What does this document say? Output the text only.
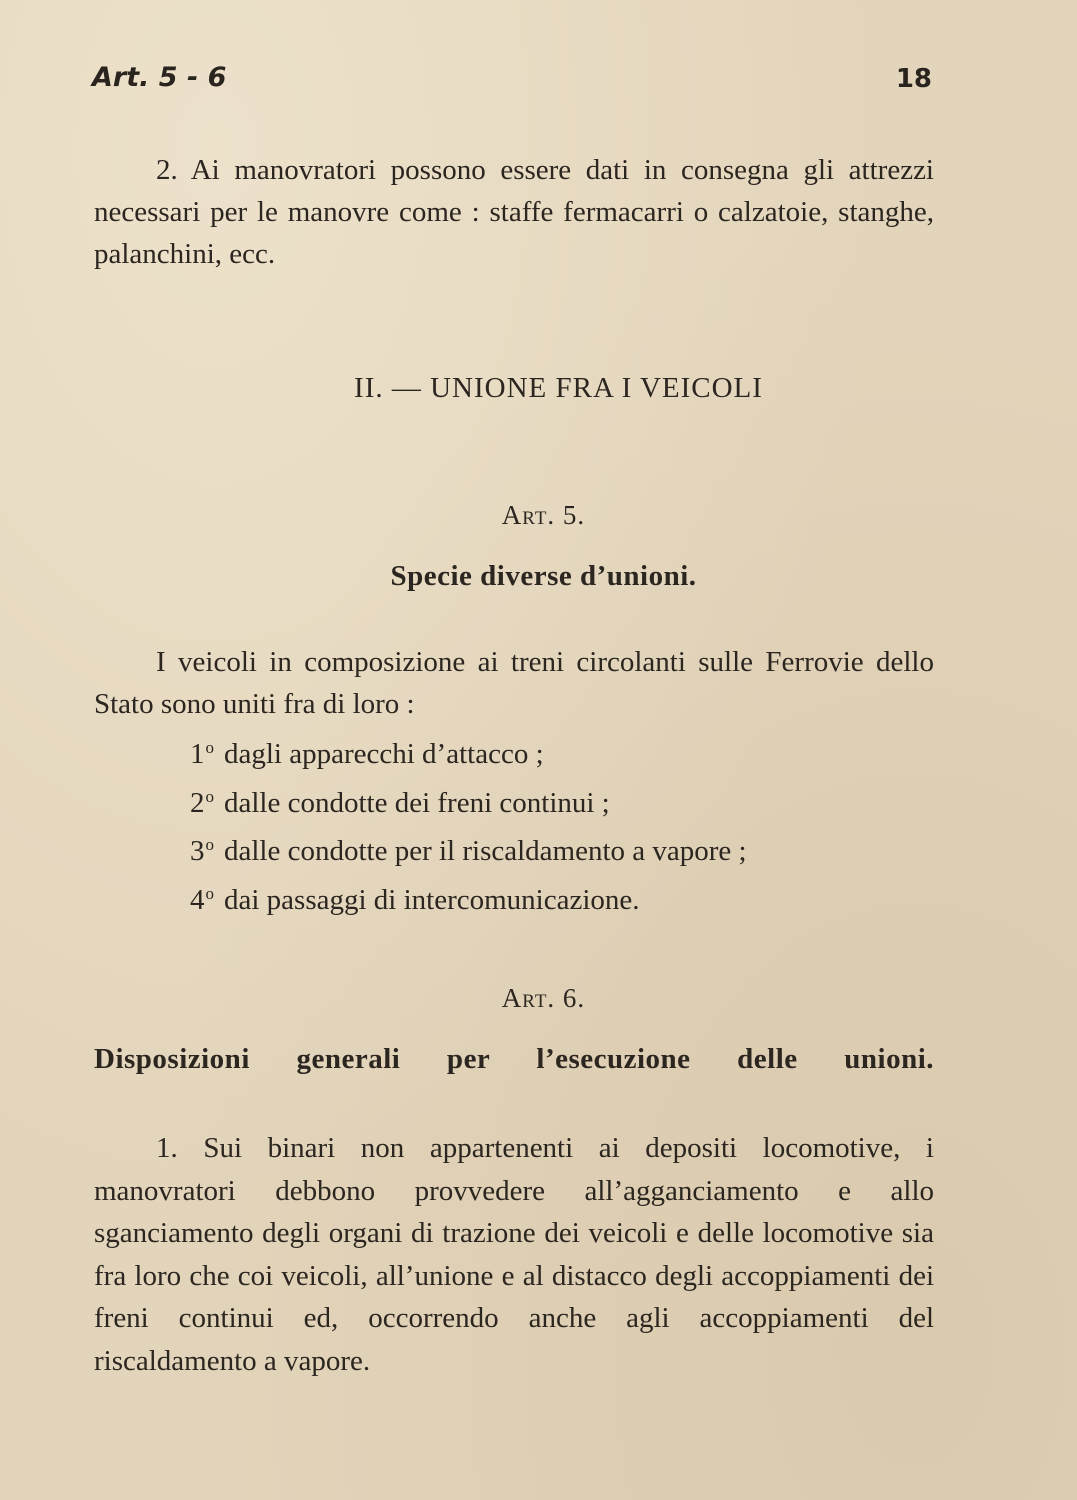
Art. 5 - 6	18

2. Ai manovratori possono essere dati in consegna gli attrezzi necessari per le manovre come : staffe fermacarri o calzatoie, stanghe, palanchini, ecc.

II. — UNIONE FRA I VEICOLI
Art. 5.
Specie diverse d’unioni.

I veicoli in composizione ai treni circolanti sulle Ferrovie dello Stato sono uniti fra di loro :

1$^o$ dagli apparecchi d’attacco ;
2$^o$ dalle condotte dei freni continui ;
3$^o$ dalle condotte per il riscaldamento a vapore ;
4$^o$ dai passaggi di intercomunicazione.
Art. 6.
Disposizioni generali per l’esecuzione delle unioni.

1. Sui binari non appartenenti ai depositi locomotive, i manovratori debbono provvedere all’agganciamento e allo sganciamento degli organi di trazione dei veicoli e delle locomotive sia fra loro che coi veicoli, all’unione e al distacco degli accoppiamenti dei freni continui ed, occorrendo anche agli accoppiamenti del riscaldamento a vapore.
